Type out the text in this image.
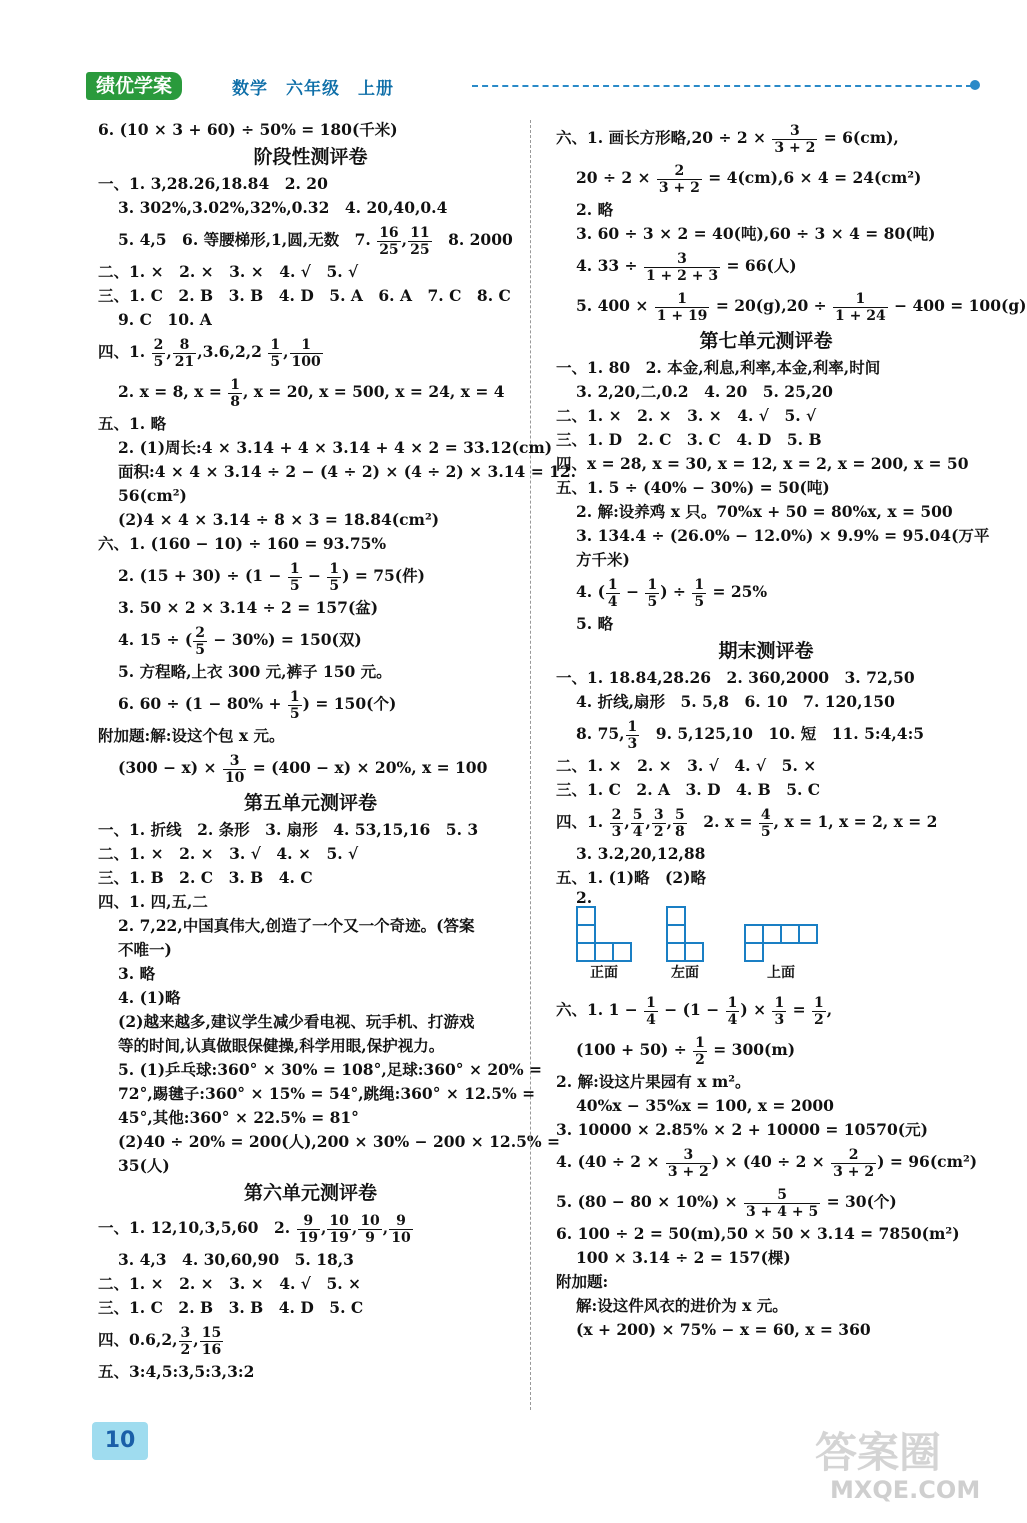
绩优学案	数学　六年级　上册
6. (10 × 3 + 60) ÷ 50% = 180(千米)
阶段性测评卷
一、1. 3,28.26,18.84　2. 20
3. 302%,3.02%,32%,0.32　4. 20,40,0.4
5. 4,5　6. 等腰梯形,1,圆,无数　7. $\frac{16}{25}$ , $\frac{11}{25}$ 　8. 2000
二、1. ×　2. ×　3. ×　4. √　5. √
三、1. C　2. B　3. B　4. D　5. A　6. A　7. C　8. C
9. C　10. A
四、1. $\frac{2}{5}$ , $\frac{8}{21} ,3.6,2,2 \frac{1}{5}$ , $\frac{1}{100}$
2. x = 8, $x = \frac{1}{8}$ , x = 20, x = 500, x = 24, x = 4
五、1. 略
2. (1)周长:4 × 3.14 + 4 × 3.14 + 4 × 2 = 33.12(cm)
面积:4 × 4 × 3.14 ÷ 2 − (4 ÷ 2) × (4 ÷ 2) × 3.14 = 12.
56(cm²)
(2)4 × 4 × 3.14 ÷ 8 × 3 = 18.84(cm²)
六、1. (160 − 10) ÷ 160 = 93.75%
2. $(15 + 30) \div (1 - \frac{1}{5} - \frac{1}{5}$ ) = 75(件)
3. 50 × 2 × 3.14 ÷ 2 = 157(盆)
4. 15 ÷ ( $\frac{2}{5} - 30\%) = 150$(双)
5. 方程略,上衣 300 元,裤子 150 元。
6. $60 \div (1 - 80\% + \frac{1}{5}$ ) = 150(个)
附加题:解:设这个包 x 元。
$(300 - x) \times \frac{3}{10} = (400 - x) \times 20\%$, x = 100
第五单元测评卷
一、1. 折线　2. 条形　3. 扇形　4. 53,15,16　5. 3
二、1. ×　2. ×　3. √　4. ×　5. √
三、1. B　2. C　3. B　4. C
四、1. 四,五,二
2. 7,22,中国真伟大,创造了一个又一个奇迹。(答案
不唯一)
3. 略
4. (1)略
(2)越来越多,建议学生减少看电视、玩手机、打游戏
等的时间,认真做眼保健操,科学用眼,保护视力。
5. (1)乒乓球:360° × 30% = 108°,足球:360° × 20% =
72°,踢毽子:360° × 15% = 54°,跳绳:360° × 12.5% =
45°,其他:360° × 22.5% = 81°
(2)40 ÷ 20% = 200(人),200 × 30% − 200 × 12.5% =
35(人)
第六单元测评卷
一、1. 12,10,3,5,60　2. $\frac{9}{19}$ , $\frac{10}{19}$ , $\frac{10}{9}$ , $\frac{9}{10}$
3. 4,3　4. 30,60,90　5. 18,3
二、1. ×　2. ×　3. ×　4. √　5. ×
三、1. C　2. B　3. B　4. D　5. C
四、0.6,2, $\frac{3}{2}$ , $\frac{15}{16}$
五、3:4,5:3,5:3,3:2
六、1. 画长方形略$,20 \div 2 \times \frac{3}{3 + 2} = 6(cm)$,
$20 \div 2 \times \frac{2}{3 + 2} = 4(cm),6 \times 4 = 24(cm^2)$
2. 略
3. 60 ÷ 3 × 2 = 40(吨),60 ÷ 3 × 4 = 80(吨)
4. $33 \div \frac{3}{1 + 2 + 3} = 66$(人)
5. $400 \times \frac{1}{1 + 19} = 20(g),20 \div \frac{1}{1 + 24} - 400 = 100(g)$
第七单元测评卷
一、1. 80　2. 本金,利息,利率,本金,利率,时间
3. 2,20,二,0.2　4. 20　5. 25,20
二、1. ×　2. ×　3. ×　4. √　5. √
三、1. D　2. C　3. C　4. D　5. B
四、x = 28, x = 30, x = 12, x = 2, x = 200, x = 50
五、1. 5 ÷ (40% − 30%) = 50(吨)
2. 解:设养鸡 x 只。70%x + 50 = 80%x, x = 500
3. 134.4 ÷ (26.0% − 12.0%) × 9.9% = 95.04(万平
方千米)
4. ( $\frac{1}{4} - \frac{1}{5}$ ) ÷ $\frac{1}{5} = 25\%$
5. 略
期末测评卷
一、1. 18.84,28.26　2. 360,2000　3. 72,50
4. 折线,扇形　5. 5,8　6. 10　7. 120,150
8. 75, $\frac{1}{3}$ 　9. 5,125,10　10. 短　11. 5:4,4:5
二、1. ×　2. ×　3. √　4. √　5. ×
三、1. C　2. A　3. D　4. B　5. C
四、1. $\frac{2}{3}$ , $\frac{5}{4}$ , $\frac{3}{2}$ , $\frac{5}{8}$ 　2. $x = \frac{4}{5}$ , x = 1, x = 2, x = 2
3. 3.2,20,12,88
五、1. (1)略　(2)略
2.
正面	左面	上面
六、1. $1 - \frac{1}{4} - (1 - \frac{1}{4}$ ) × $\frac{1}{3} = \frac{1}{2}$ ,
$(100 + 50) \div \frac{1}{2} = 300(m)$
2. 解:设这片果园有 x m²。
40%x − 35%x = 100, x = 2000
3. 10000 × 2.85% × 2 + 10000 = 10570(元)
4. ($40 \div 2 \times \frac{3}{3 + 2}$ ) × ($40 \div 2 \times \frac{2}{3 + 2}$ ) = 96(cm²)
5. $(80 - 80 \times 10\%) \times \frac{5}{3 + 4 + 5} = 30$(个)
6. 100 ÷ 2 = 50(m),50 × 50 × 3.14 = 7850(m²)
100 × 3.14 ÷ 2 = 157(棵)
附加题:
解:设这件风衣的进价为 x 元。
(x + 200) × 75% − x = 60, x = 360
10	答案圈
MXQE.COM
